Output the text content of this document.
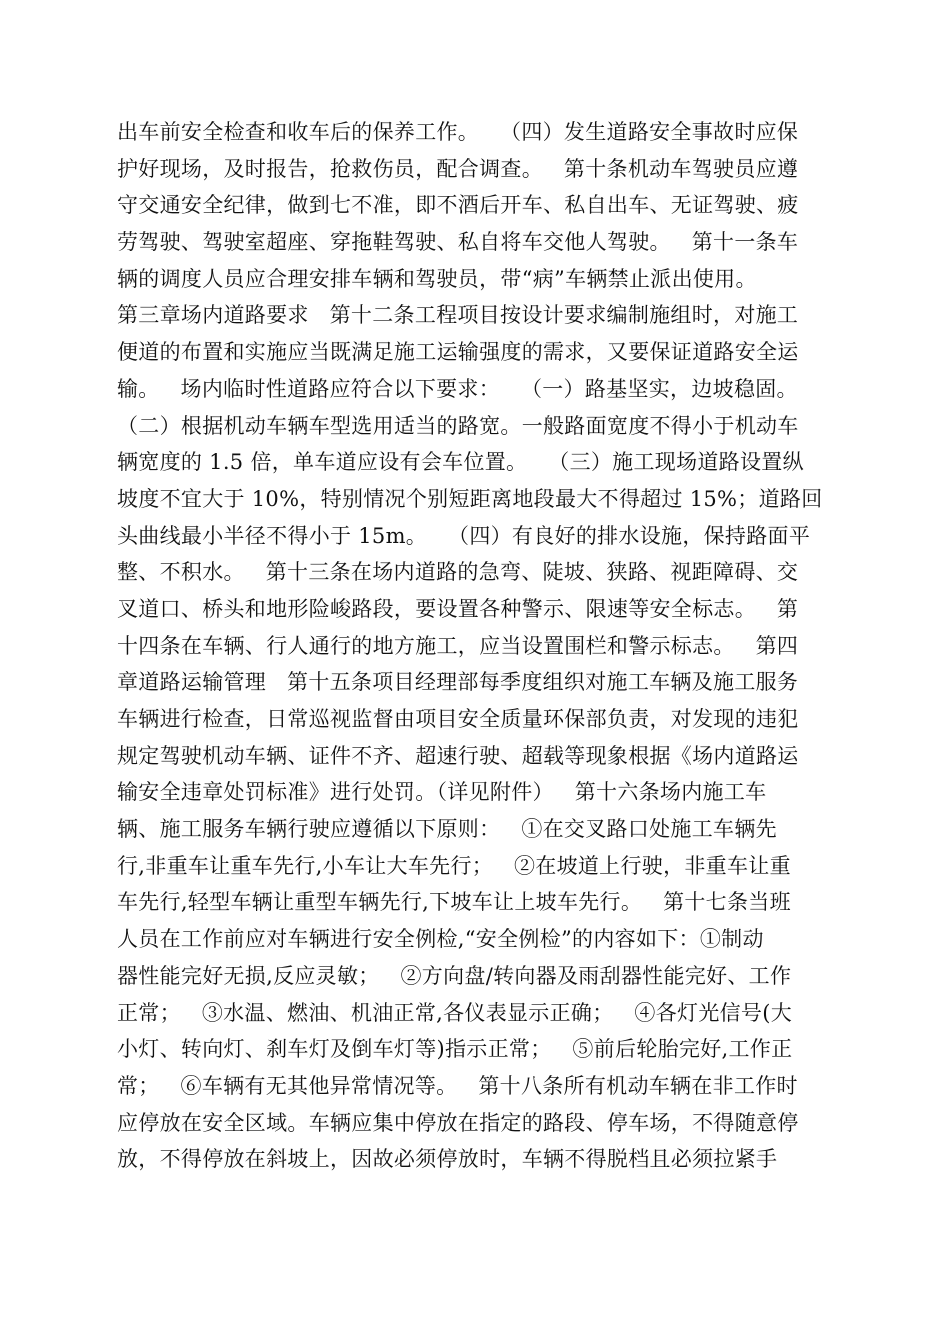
出车前安全检查和收车后的保养工作。   （四）发生道路安全事故时应保
护好现场，及时报告，抢救伤员，配合调查。   第十条机动车驾驶员应遵
守交通安全纪律，做到七不准，即不酒后开车、私自出车、无证驾驶、疲
劳驾驶、驾驶室超座、穿拖鞋驾驶、私自将车交他人驾驶。   第十一条车
辆的调度人员应合理安排车辆和驾驶员，带“病”车辆禁止派出使用。
第三章场内道路要求   第十二条工程项目按设计要求编制施组时，对施工
便道的布置和实施应当既满足施工运输强度的需求，又要保证道路安全运
输。   场内临时性道路应符合以下要求：   （一）路基坚实，边坡稳固。
（二）根据机动车辆车型选用适当的路宽。一般路面宽度不得小于机动车
辆宽度的 1.5 倍，单车道应设有会车位置。   （三）施工现场道路设置纵
坡度不宜大于 10%，特别情况个别短距离地段最大不得超过 15%；道路回
头曲线最小半径不得小于 15m。   （四）有良好的排水设施，保持路面平
整、不积水。   第十三条在场内道路的急弯、陡坡、狭路、视距障碍、交
叉道口、桥头和地形险峻路段，要设置各种警示、限速等安全标志。   第
十四条在车辆、行人通行的地方施工，应当设置围栏和警示标志。   第四
章道路运输管理   第十五条项目经理部每季度组织对施工车辆及施工服务
车辆进行检查，日常巡视监督由项目安全质量环保部负责，对发现的违犯
规定驾驶机动车辆、证件不齐、超速行驶、超载等现象根据《场内道路运
输安全违章处罚标准》进行处罚。（详见附件）   第十六条场内施工车
辆、施工服务车辆行驶应遵循以下原则：   ①在交叉路口处施工车辆先
行,非重车让重车先行,小车让大车先行；   ②在坡道上行驶，非重车让重
车先行,轻型车辆让重型车辆先行,下坡车让上坡车先行。   第十七条当班
人员在工作前应对车辆进行安全例检,“安全例检”的内容如下：①制动
器性能完好无损,反应灵敏；   ②方向盘/转向器及雨刮器性能完好、工作
正常；   ③水温、燃油、机油正常,各仪表显示正确；   ④各灯光信号(大
小灯、转向灯、刹车灯及倒车灯等)指示正常；   ⑤前后轮胎完好,工作正
常；   ⑥车辆有无其他异常情况等。   第十八条所有机动车辆在非工作时
应停放在安全区域。车辆应集中停放在指定的路段、停车场，不得随意停
放，不得停放在斜坡上，因故必须停放时，车辆不得脱档且必须拉紧手
